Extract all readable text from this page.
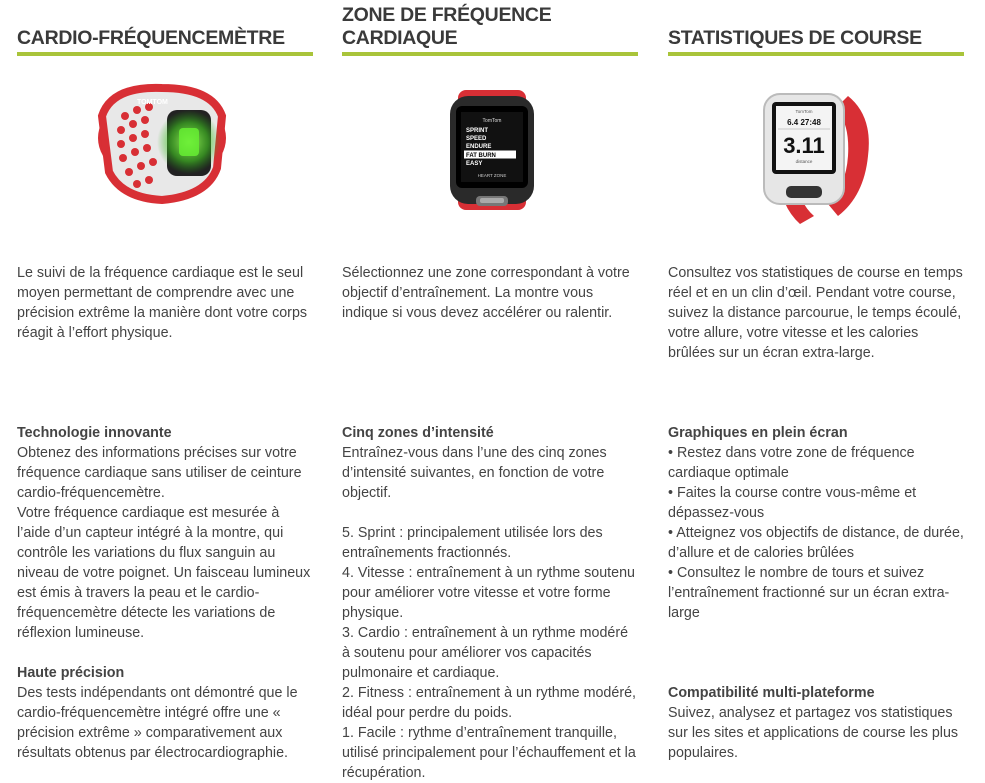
CARDIO-FRÉQUENCEMÈTRE
TOMTOM

Le suivi de la fréquence cardiaque est le seul moyen permettant de comprendre avec une précision extrême la manière dont votre corps réagit à l’effort physique.

Technologie innovante

Obtenez des informations précises sur votre fréquence cardiaque sans utiliser de ceinture cardio-fréquencemètre.

Votre fréquence cardiaque est mesurée à l’aide d’un capteur intégré à la montre, qui contrôle les variations du flux sanguin au niveau de votre poignet. Un faisceau lumineux est émis à travers la peau et le cardio-fréquencemètre détecte les variations de réflexion lumineuse.

Haute précision

Des tests indépendants ont démontré que le cardio-fréquencemètre intégré offre une « précision extrême » comparativement aux résultats obtenus par électrocardiographie.

ZONE DE FRÉQUENCE CARDIAQUE
TomTom
SPRINT
SPEED
ENDURE
FAT BURN
EASY
HEART ZONE

Sélectionnez une zone correspondant à votre objectif d’entraînement. La montre vous indique si vous devez accélérer ou ralentir.

Cinq zones d’intensité

Entraînez-vous dans l’une des cinq zones d’intensité suivantes, en fonction de votre objectif.

5. Sprint : principalement utilisée lors des entraînements fractionnés.

4. Vitesse : entraînement à un rythme soutenu pour améliorer votre vitesse et votre forme physique.

3. Cardio : entraînement à un rythme modéré à soutenu pour améliorer vos capacités pulmonaire et cardiaque.

2. Fitness : entraînement à un rythme modéré, idéal pour perdre du poids.

1. Facile : rythme d’entraînement tranquille, utilisé principalement pour l’échauffement et la récupération.

STATISTIQUES DE COURSE
TomTom
6.4 27:48
3.11
distance

Consultez vos statistiques de course en temps réel et en un clin d’œil. Pendant votre course, suivez la distance parcourue, le temps écoulé, votre allure, votre vitesse et les calories brûlées sur un écran extra-large.

Graphiques en plein écran

• Restez dans votre zone de fréquence cardiaque optimale

• Faites la course contre vous-même et dépassez-vous

• Atteignez vos objectifs de distance, de durée, d’allure et de calories brûlées

• Consultez le nombre de tours et suivez l’entraînement fractionné sur un écran extra-large

Compatibilité multi-plateforme

Suivez, analysez et partagez vos statistiques sur les sites et applications de course les plus populaires.
